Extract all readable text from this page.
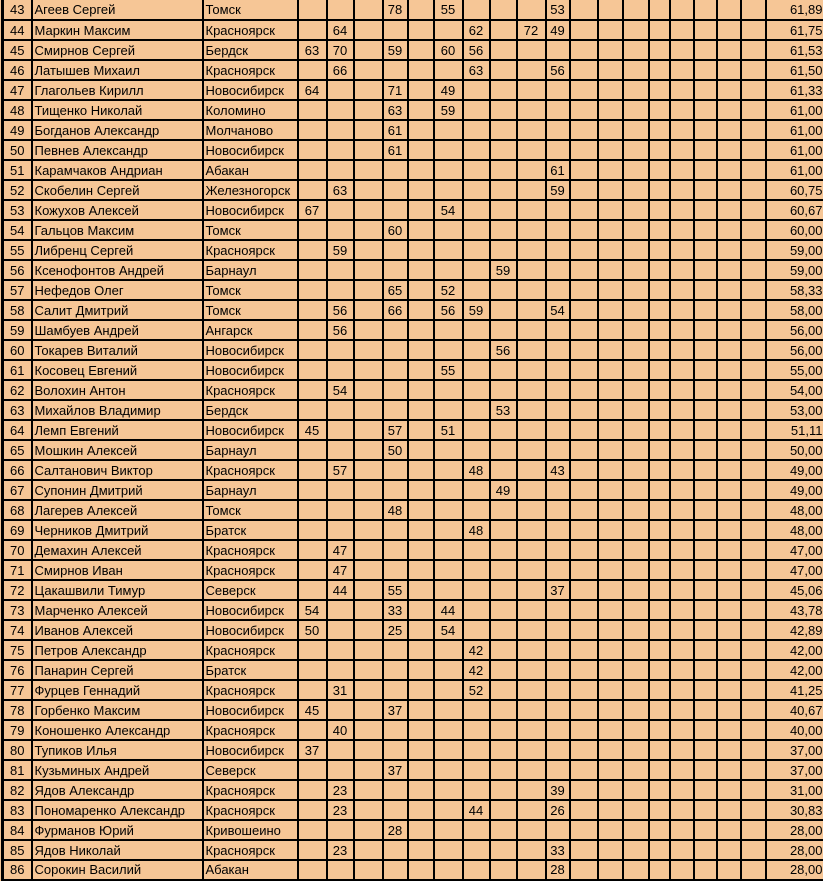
43	Агеев Сергей	Томск				78		55				53									61,89
44	Маркин Максим	Красноярск		64					62		72	49									61,75
45	Смирнов Сергей	Бердск	63	70		59		60	56												61,53
46	Латышев Михаил	Красноярск		66					63			56									61,50
47	Глагольев Кирилл	Новосибирск	64			71		49													61,33
48	Тищенко Николай	Коломино				63		59													61,00
49	Богданов Александр	Молчаново				61															61,00
50	Певнев Александр	Новосибирск				61															61,00
51	Карамчаков Андриан	Абакан										61									61,00
52	Скобелин Сергей	Железногорск		63								59									60,75
53	Кожухов Алексей	Новосибирск	67					54													60,67
54	Гальцов Максим	Томск				60															60,00
55	Либренц Сергей	Красноярск		59																	59,00
56	Ксенофонтов Андрей	Барнаул								59											59,00
57	Нефедов Олег	Томск				65		52													58,33
58	Салит Дмитрий	Томск		56		66		56	59			54									58,00
59	Шамбуев Андрей	Ангарск		56																	56,00
60	Токарев Виталий	Новосибирск								56											56,00
61	Косовец Евгений	Новосибирск						55													55,00
62	Волохин Антон	Красноярск		54																	54,00
63	Михайлов Владимир	Бердск								53											53,00
64	Лемп Евгений	Новосибирск	45			57		51													51,11
65	Мошкин Алексей	Барнаул				50															50,00
66	Салтанович Виктор	Красноярск		57					48			43									49,00
67	Супонин Дмитрий	Барнаул								49											49,00
68	Лагерев Алексей	Томск				48															48,00
69	Черников Дмитрий	Братск							48												48,00
70	Демахин Алексей	Красноярск		47																	47,00
71	Смирнов Иван	Красноярск		47																	47,00
72	Цакашвили Тимур	Северск		44		55						37									45,06
73	Марченко Алексей	Новосибирск	54			33		44													43,78
74	Иванов Алексей	Новосибирск	50			25		54													42,89
75	Петров Александр	Красноярск							42												42,00
76	Панарин Сергей	Братск							42												42,00
77	Фурцев Геннадий	Красноярск		31					52												41,25
78	Горбенко Максим	Новосибирск	45			37															40,67
79	Коношенко Александр	Красноярск		40																	40,00
80	Тупиков Илья	Новосибирск	37																		37,00
81	Кузьминых Андрей	Северск				37															37,00
82	Ядов Александр	Красноярск		23								39									31,00
83	Пономаренко Александр	Красноярск		23					44			26									30,83
84	Фурманов Юрий	Кривошеино				28															28,00
85	Ядов Николай	Красноярск		23								33									28,00
86	Сорокин Василий	Абакан										28									28,00
